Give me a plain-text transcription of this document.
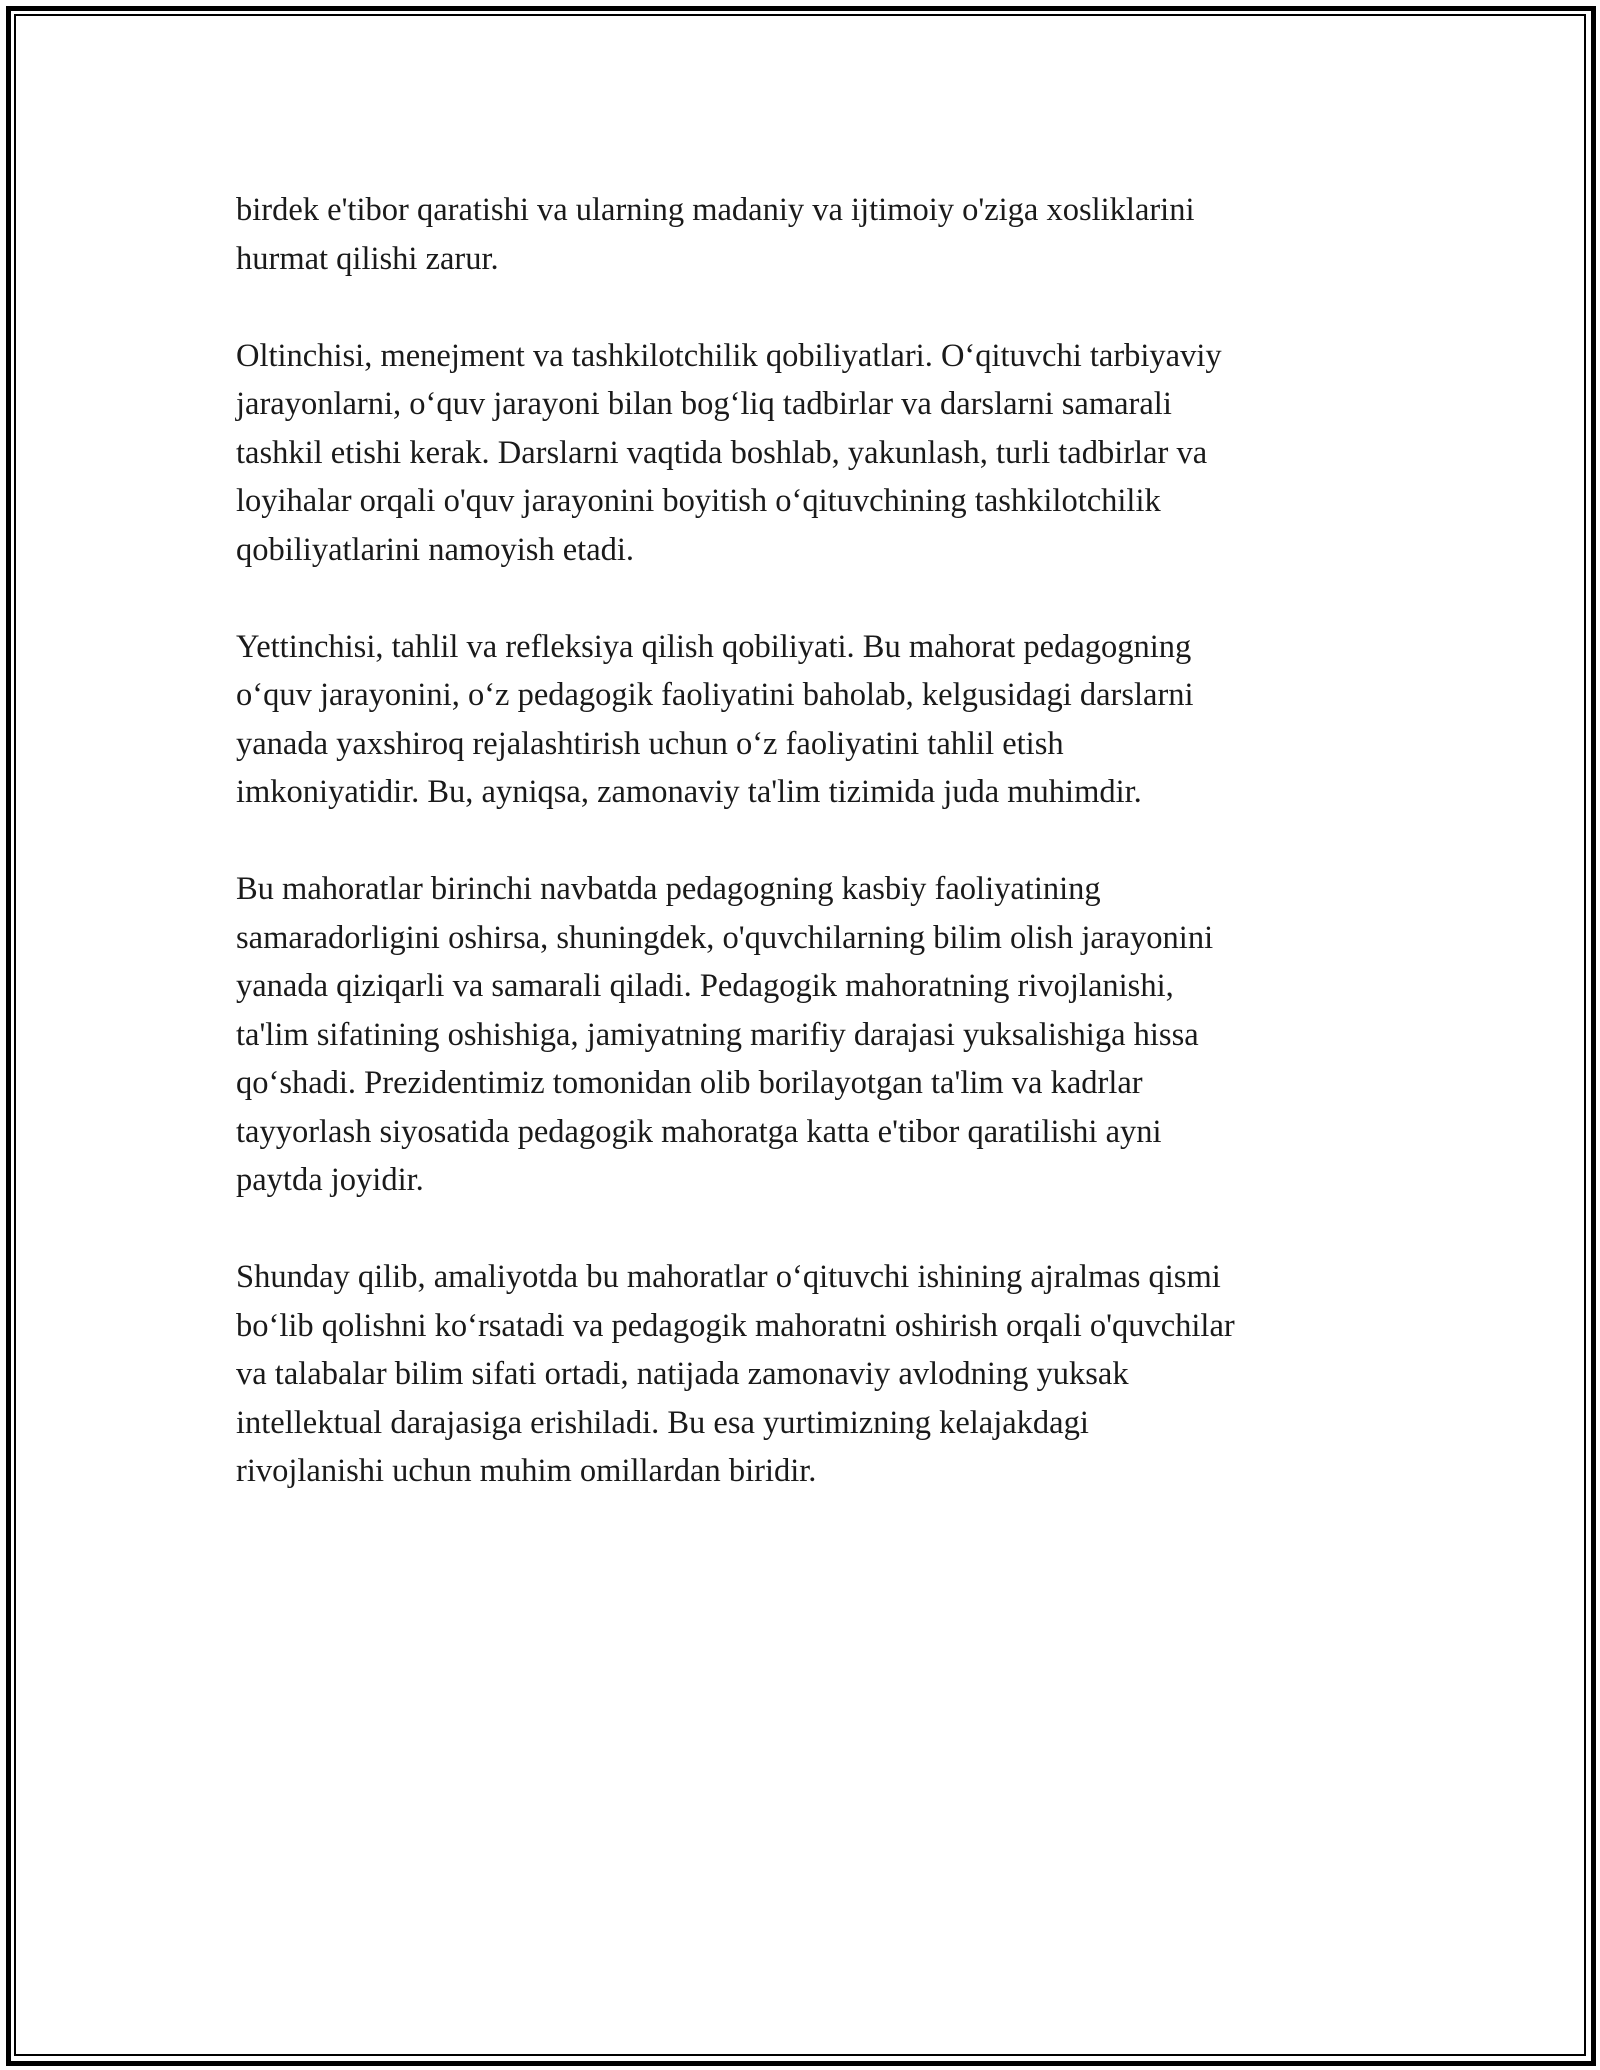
birdek e'tibor qaratishi va ularning madaniy va ijtimoiy o'ziga xosliklarini
hurmat qilishi zarur.

Oltinchisi, menejment va tashkilotchilik qobiliyatlari. O‘qituvchi tarbiyaviy
jarayonlarni, o‘quv jarayoni bilan bog‘liq tadbirlar va darslarni samarali
tashkil etishi kerak. Darslarni vaqtida boshlab, yakunlash, turli tadbirlar va
loyihalar orqali o'quv jarayonini boyitish o‘qituvchining tashkilotchilik
qobiliyatlarini namoyish etadi.

Yettinchisi, tahlil va refleksiya qilish qobiliyati. Bu mahorat pedagogning
o‘quv jarayonini, o‘z pedagogik faoliyatini baholab, kelgusidagi darslarni
yanada yaxshiroq rejalashtirish uchun o‘z faoliyatini tahlil etish
imkoniyatidir. Bu, ayniqsa, zamonaviy ta'lim tizimida juda muhimdir.

Bu mahoratlar birinchi navbatda pedagogning kasbiy faoliyatining
samaradorligini oshirsa, shuningdek, o'quvchilarning bilim olish jarayonini
yanada qiziqarli va samarali qiladi. Pedagogik mahoratning rivojlanishi,
ta'lim sifatining oshishiga, jamiyatning marifiy darajasi yuksalishiga hissa
qo‘shadi. Prezidentimiz tomonidan olib borilayotgan ta'lim va kadrlar
tayyorlash siyosatida pedagogik mahoratga katta e'tibor qaratilishi ayni
paytda joyidir.

Shunday qilib, amaliyotda bu mahoratlar o‘qituvchi ishining ajralmas qismi
bo‘lib qolishni ko‘rsatadi va pedagogik mahoratni oshirish orqali o'quvchilar
va talabalar bilim sifati ortadi, natijada zamonaviy avlodning yuksak
intellektual darajasiga erishiladi. Bu esa yurtimizning kelajakdagi
rivojlanishi uchun muhim omillardan biridir.
